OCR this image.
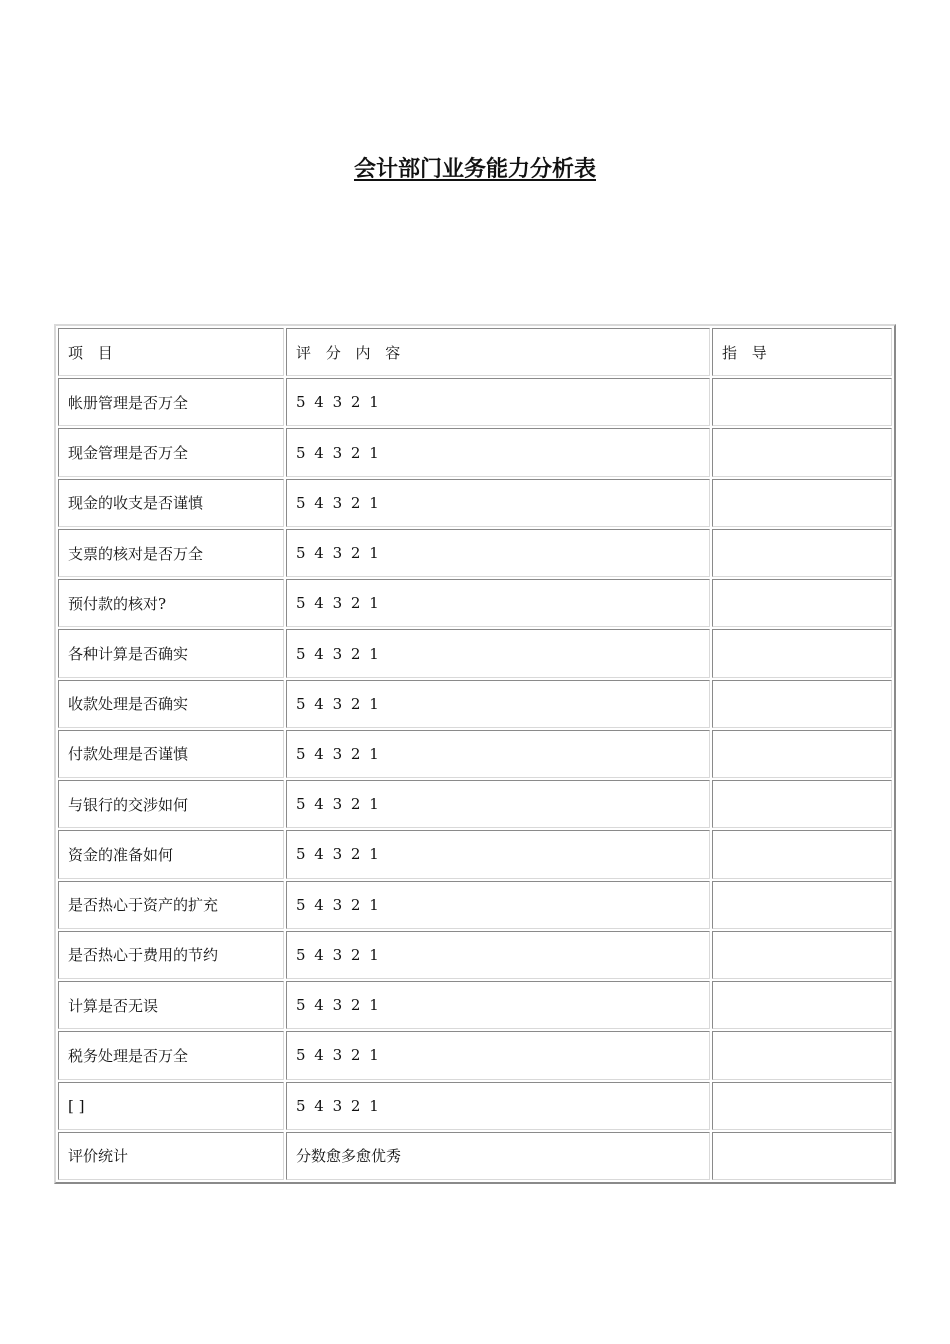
会计部门业务能力分析表
项 目	评 分 内 容	指 导
帐册管理是否万全	5 4 3 2 1	
现金管理是否万全	5 4 3 2 1	
现金的收支是否谨慎	5 4 3 2 1	
支票的核对是否万全	5 4 3 2 1	
预付款的核对?	5 4 3 2 1	
各种计算是否确实	5 4 3 2 1	
收款处理是否确实	5 4 3 2 1	
付款处理是否谨慎	5 4 3 2 1	
与银行的交涉如何	5 4 3 2 1	
资金的准备如何	5 4 3 2 1	
是否热心于资产的扩充	5 4 3 2 1	
是否热心于费用的节约	5 4 3 2 1	
计算是否无误	5 4 3 2 1	
税务处理是否万全	5 4 3 2 1	
[ ]	5 4 3 2 1	
评价统计	分数愈多愈优秀	
